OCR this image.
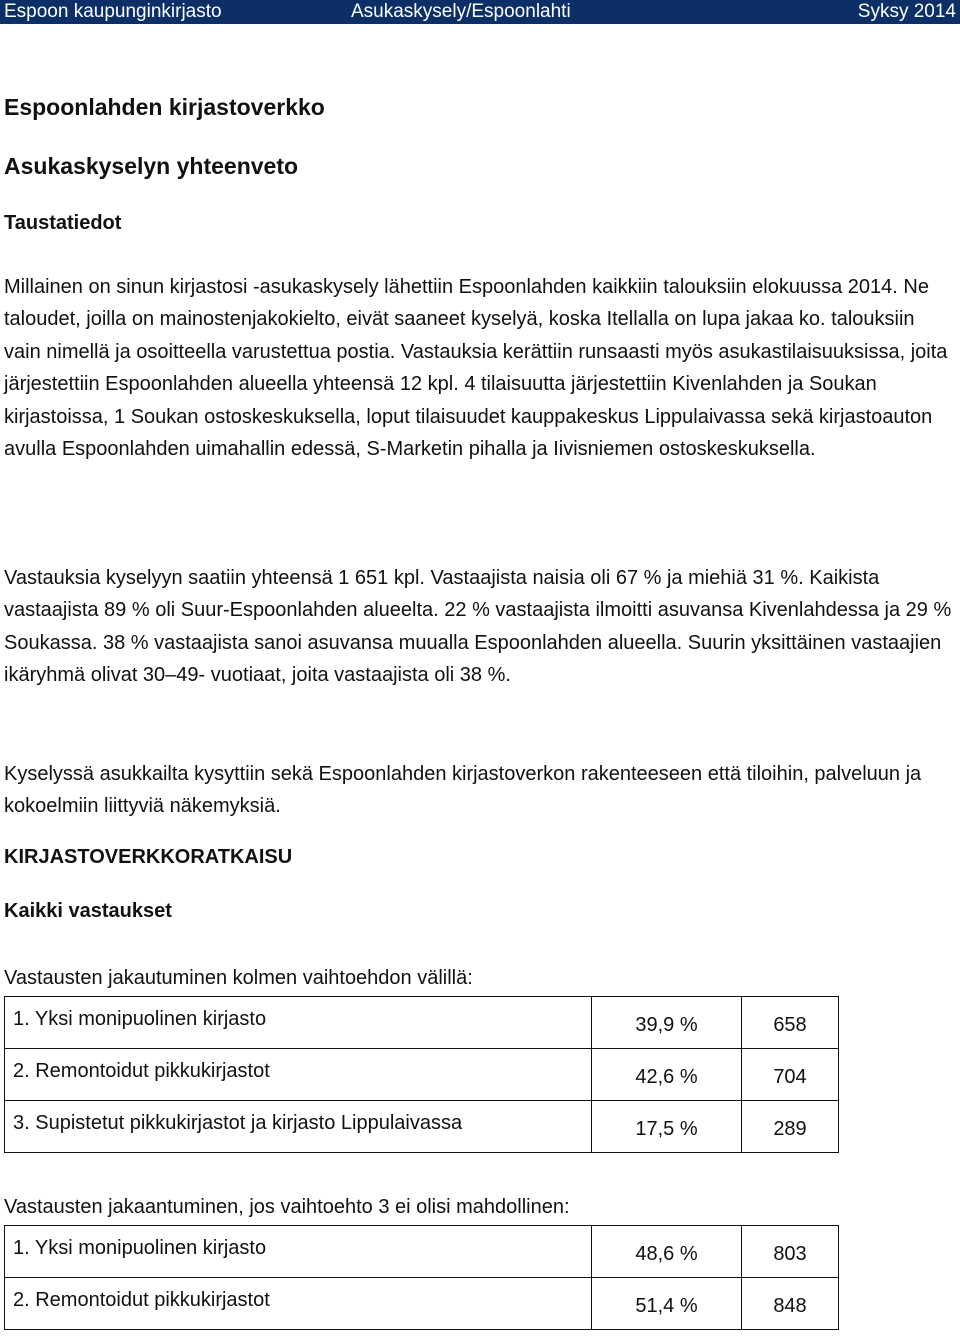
Espoon kaupunginkirjasto	Asukaskysely/Espoonlahti	Syksy 2014
Espoonlahden kirjastoverkko
Asukaskyselyn yhteenveto
Taustatiedot

Millainen on sinun kirjastosi -asukaskysely lähettiin Espoonlahden kaikkiin talouksiin elokuussa 2014. Ne taloudet, joilla on mainostenjakokielto, eivät saaneet kyselyä, koska Itellalla on lupa jakaa ko. talouksiin vain nimellä ja osoitteella varustettua postia. Vastauksia kerättiin runsaasti myös asukastilaisuuksissa, joita järjestettiin Espoonlahden alueella yhteensä 12 kpl. 4 tilaisuutta järjestettiin Kivenlahden ja Soukan kirjastoissa, 1 Soukan ostoskeskuksella, loput tilaisuudet kauppakeskus Lippulaivassa sekä kirjastoauton avulla Espoonlahden uimahallin edessä, S-Marketin pihalla ja Iivisniemen ostoskeskuksella.

Vastauksia kyselyyn saatiin yhteensä 1 651 kpl. Vastaajista naisia oli 67 % ja miehiä 31 %. Kaikista vastaajista 89 % oli Suur-Espoonlahden alueelta. 22 % vastaajista ilmoitti asuvansa Kivenlahdessa ja 29 % Soukassa. 38 % vastaajista sanoi asuvansa muualla Espoonlahden alueella. Suurin yksittäinen vastaajien ikäryhmä olivat 30–49- vuotiaat, joita vastaajista oli 38 %.

Kyselyssä asukkailta kysyttiin sekä Espoonlahden kirjastoverkon rakenteeseen että tiloihin, palveluun ja kokoelmiin liittyviä näkemyksiä.

KIRJASTOVERKKORATKAISU
Kaikki vastaukset

Vastausten jakautuminen kolmen vaihtoehdon välillä:

1. Yksi monipuolinen kirjasto	39,9 %	658

2. Remontoidut pikkukirjastot	42,6 %	704

3. Supistetut pikkukirjastot ja kirjasto Lippulaivassa	17,5 %	289

Vastausten jakaantuminen, jos vaihtoehto 3 ei olisi mahdollinen:

1. Yksi monipuolinen kirjasto	48,6 %	803

2. Remontoidut pikkukirjastot	51,4 %	848
